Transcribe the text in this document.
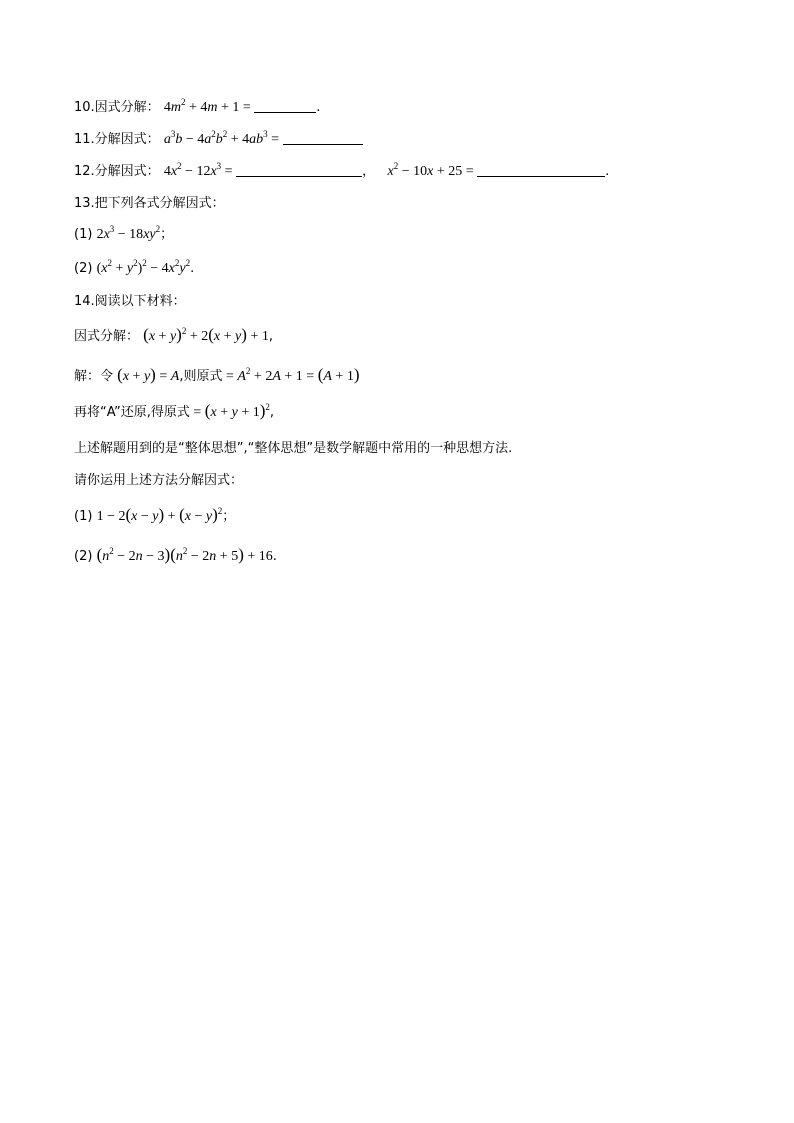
10.因式分解： $4m^2 + 4m + 1$ =	.
11.分解因式： $a^3b - 4a^2b^2 + 4ab^3$ =
12.分解因式： $4x^2 - 12x^3$ =	， $x^2 - 10x + 25$ =	.
13.把下列各式分解因式：
(1) $2x^3 - 18xy^2$；
(2) $(x^2 + y^2)^2 - 4x^2y^2$.
14.阅读以下材料：
因式分解： $(x + y)^2 + 2(x + y) + 1$,
解：令 (x + y) = A,则原式 = $A^2 + 2A + 1 = (A + 1)$
再将“A”还原,得原式 = $(x + y + 1)^2$,
上述解题用到的是“整体思想”,“整体思想”是数学解题中常用的一种思想方法.
请你运用上述方法分解因式：
(1) $1 - 2(x - y) + (x - y)^2$；
(2) $(n^2 - 2n - 3)(n^2 - 2n + 5) + 16$.
